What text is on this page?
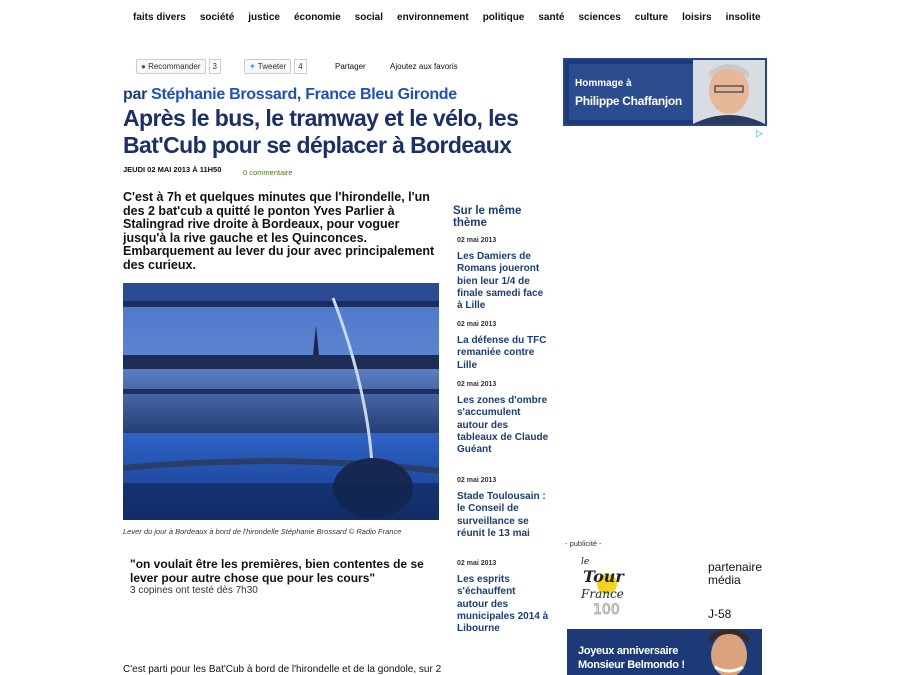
faits divers société justice économie social environnement politique santé sciences culture loisirs insolite
● Recommander	3	✦ Tweeter	4	Partager	Ajoutez aux favoris
par Stéphanie Brossard, France Bleu Gironde
Après le bus, le tramway et le vélo, les Bat'Cub pour se déplacer à Bordeaux
JEUDI 02 MAI 2013 À 11H50	0 commentaire
C'est à 7h et quelques minutes que l'hirondelle, l'un des 2 bat'cub a quitté le ponton Yves Parlier à Stalingrad rive droite à Bordeaux, pour voguer jusqu'à la rive gauche et les Quinconces. Embarquement au lever du jour avec principalement des curieux.
Lever du jour à Bordeaux à bord de l'hirondelle Stéphanie Brossard © Radio France
"on voulait être les premières, bien contentes de se lever pour autre chose que pour les cours"
3 copines ont testé dès 7h30
C'est parti pour les Bat'Cub à bord de l'hirondelle et de la gondole, sur 2
Sur le même thème
02 mai 2013
Les Damiers de Romans joueront bien leur 1/4 de finale samedi face à Lille
02 mai 2013
La défense du TFC remaniée contre Lille
02 mai 2013
Les zones d'ombre s'accumulent autour des tableaux de Claude Guéant
02 mai 2013
Stade Toulousain : le Conseil de surveillance se réunit le 13 mai
02 mai 2013
Les esprits s'échauffent autour des municipales 2014 à Libourne
Hommage à
Philippe Chaffanjon
▷
- publicité -
le
Tour
France
100
partenaire média
J-58
Joyeux anniversaire
Monsieur Belmondo !
